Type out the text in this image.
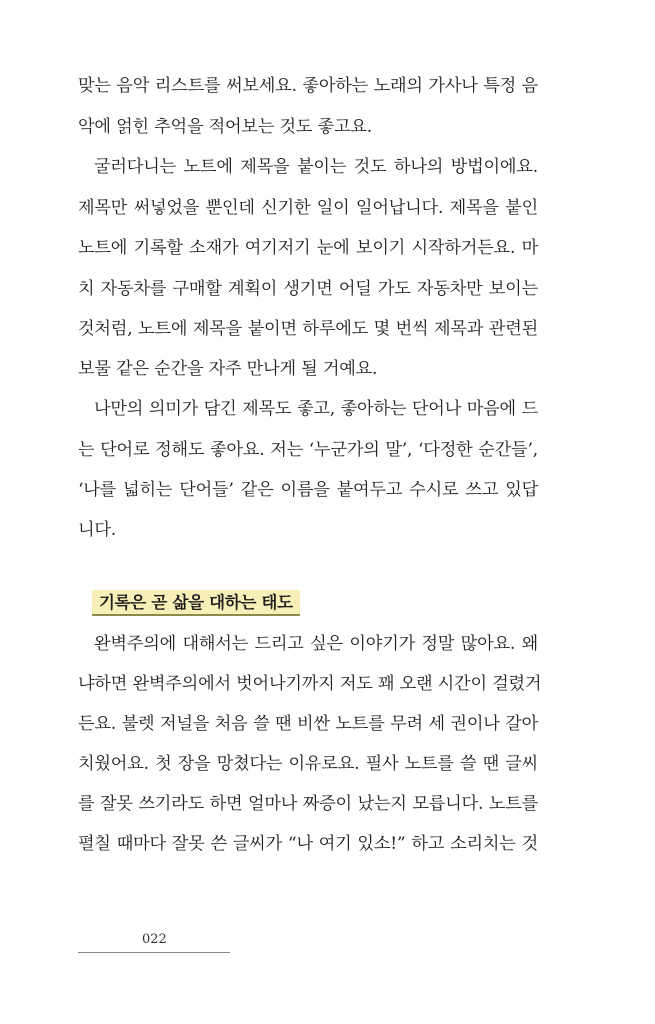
맞는 음악 리스트를 써보세요. 좋아하는 노래의 가사나 특정 음
악에 얽힌 추억을 적어보는 것도 좋고요.
굴러다니는 노트에 제목을 붙이는 것도 하나의 방법이에요.
제목만 써넣었을 뿐인데 신기한 일이 일어납니다. 제목을 붙인
노트에 기록할 소재가 여기저기 눈에 보이기 시작하거든요. 마
치 자동차를 구매할 계획이 생기면 어딜 가도 자동차만 보이는
것처럼, 노트에 제목을 붙이면 하루에도 몇 번씩 제목과 관련된
보물 같은 순간을 자주 만나게 될 거예요.
나만의 의미가 담긴 제목도 좋고, 좋아하는 단어나 마음에 드
는 단어로 정해도 좋아요. 저는 ‘누군가의 말’, ‘다정한 순간들’,
‘나를 넓히는 단어들’ 같은 이름을 붙여두고 수시로 쓰고 있답
니다.
기록은 곧 삶을 대하는 태도
완벽주의에 대해서는 드리고 싶은 이야기가 정말 많아요. 왜
냐하면 완벽주의에서 벗어나기까지 저도 꽤 오랜 시간이 걸렸거
든요. 불렛 저널을 처음 쓸 땐 비싼 노트를 무려 세 권이나 갈아
치웠어요. 첫 장을 망쳤다는 이유로요. 필사 노트를 쓸 땐 글씨
를 잘못 쓰기라도 하면 얼마나 짜증이 났는지 모릅니다. 노트를
펼칠 때마다 잘못 쓴 글씨가 “나 여기 있소!” 하고 소리치는 것
022
